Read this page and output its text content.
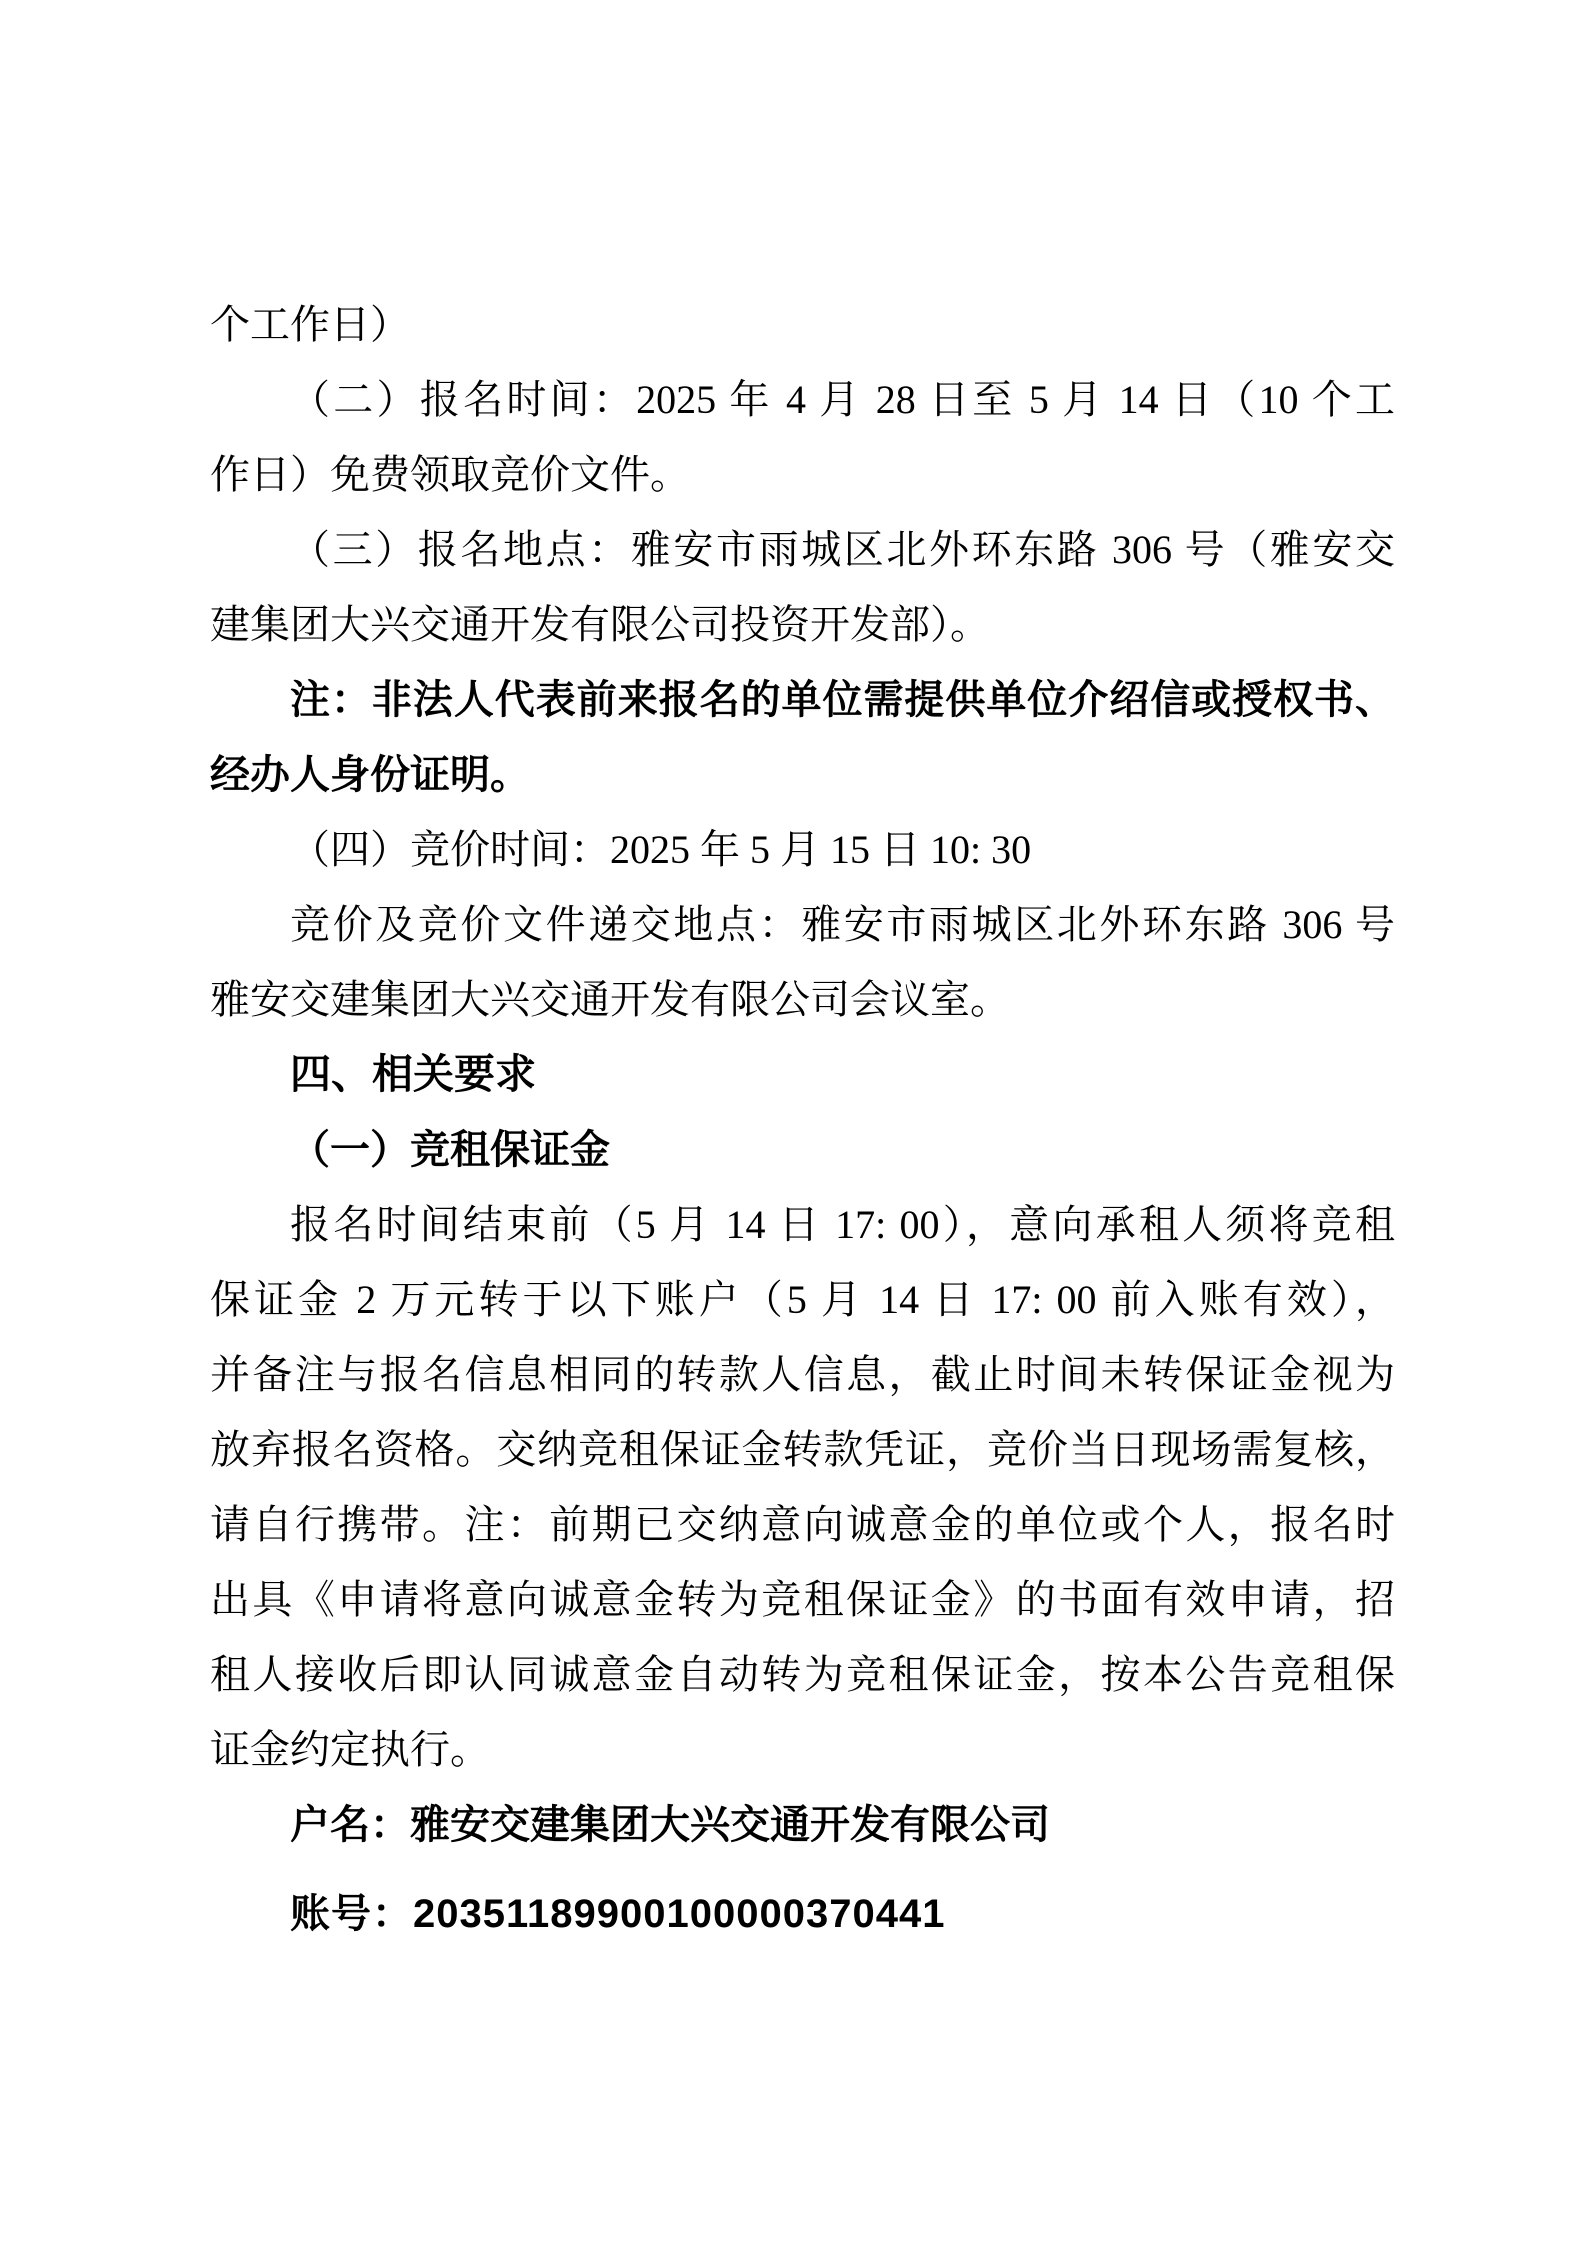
个工作日）
（二）报名时间：2025 年 4 月 28 日至 5 月 14 日（10 个工
作日）免费领取竞价文件。
（三）报名地点：雅安市雨城区北外环东路 306 号（雅安交
建集团大兴交通开发有限公司投资开发部）。
注：非法人代表前来报名的单位需提供单位介绍信或授权书、
经办人身份证明。
（四）竞价时间：2025 年 5 月 15 日 10: 30
竞价及竞价文件递交地点：雅安市雨城区北外环东路 306 号
雅安交建集团大兴交通开发有限公司会议室。
四、相关要求
（一）竞租保证金
报名时间结束前（5 月 14 日 17: 00），意向承租人须将竞租
保证金 2 万元转于以下账户（5 月 14 日 17: 00 前入账有效），
并备注与报名信息相同的转款人信息，截止时间未转保证金视为
放弃报名资格。交纳竞租保证金转款凭证，竞价当日现场需复核，
请自行携带。注：前期已交纳意向诚意金的单位或个人，报名时
出具《申请将意向诚意金转为竞租保证金》的书面有效申请，招
租人接收后即认同诚意金自动转为竞租保证金，按本公告竞租保
证金约定执行。
户名：雅安交建集团大兴交通开发有限公司
账号：20351189900100000370441
